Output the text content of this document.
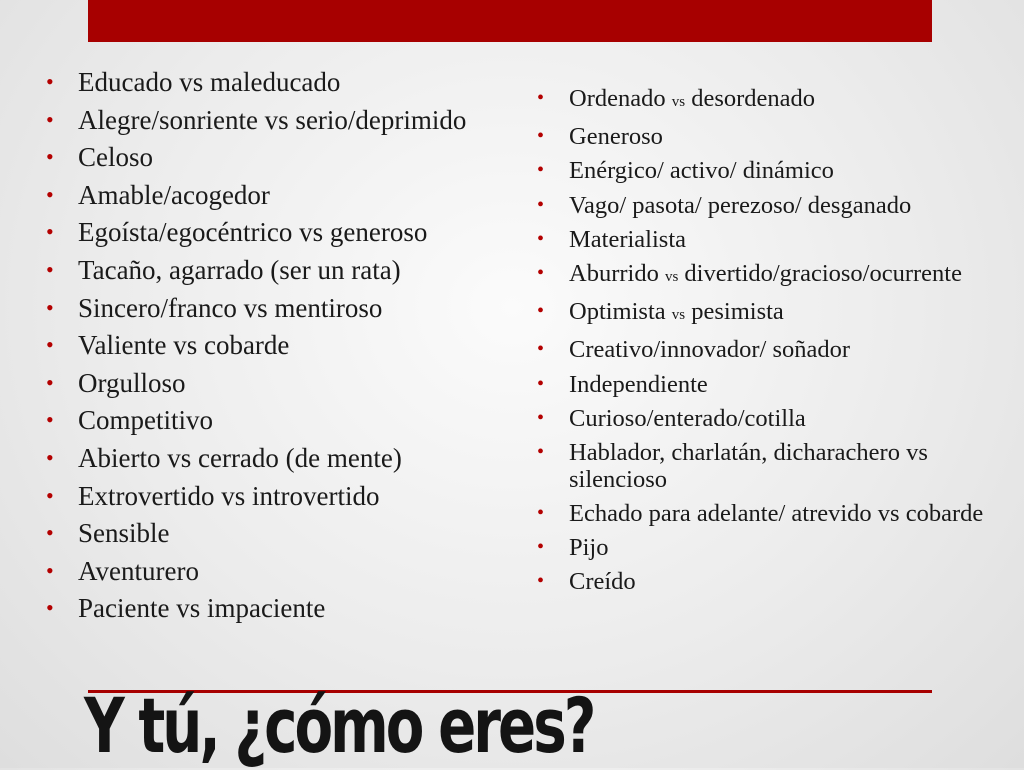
• Educado vs maleducado
• Alegre/sonriente vs serio/deprimido
• Celoso
• Amable/acogedor
• Egoísta/egocéntrico vs generoso
• Tacaño, agarrado (ser un rata)
• Sincero/franco vs mentiroso
• Valiente vs cobarde
• Orgulloso
• Competitivo
• Abierto vs cerrado (de mente)
• Extrovertido vs introvertido
• Sensible
• Aventurero
• Paciente vs impaciente
• Ordenado vs desordenado
• Generoso
• Enérgico/ activo/ dinámico
• Vago/ pasota/ perezoso/ desganado
• Materialista
• Aburrido vs divertido/gracioso/ocurrente
• Optimista vs pesimista
• Creativo/innovador/ soñador
• Independiente
• Curioso/enterado/cotilla
• Hablador, charlatán, dicharachero vs silencioso
• Echado para adelante/ atrevido vs cobarde
• Pijo
• Creído
Y tú, ¿cómo eres?
